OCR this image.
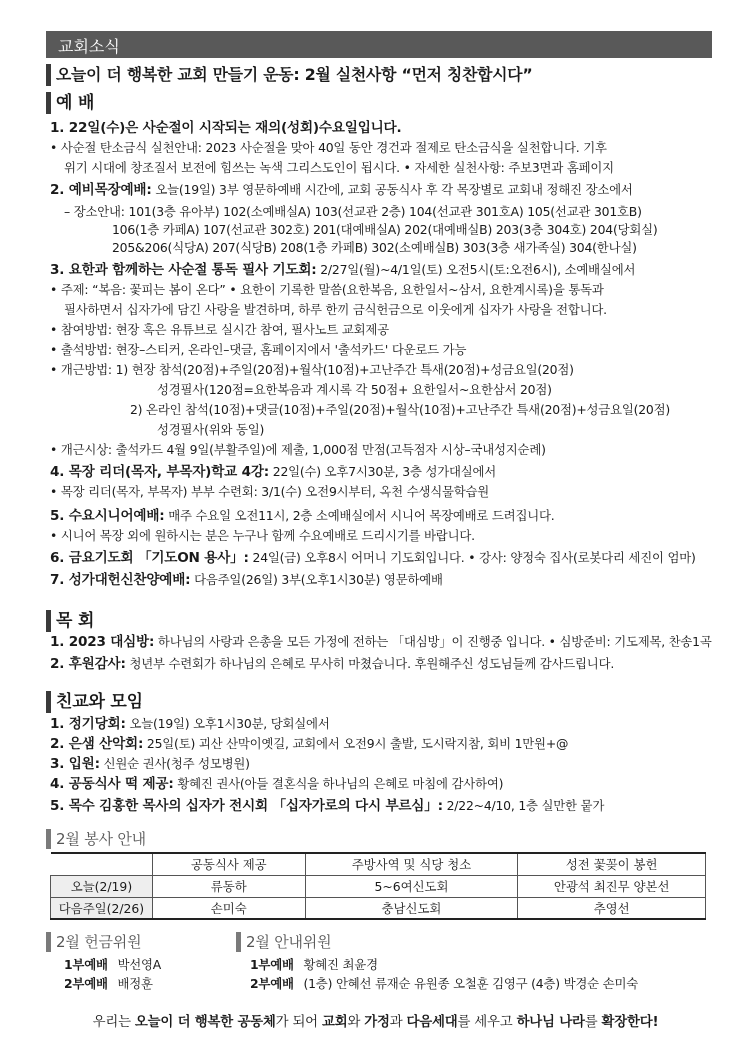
교회소식
오늘이 더 행복한 교회 만들기 운동: 2월 실천사항 “먼저 칭찬합시다”
예 배
1. 22일(수)은 사순절이 시작되는 재의(성회)수요일입니다.
• 사순절 탄소금식 실천안내: 2023 사순절을 맞아 40일 동안 경건과 절제로 탄소금식을 실천합니다. 기후
위기 시대에 창조질서 보전에 힘쓰는 녹색 그리스도인이 됩시다. • 자세한 실천사항: 주보3면과 홈페이지
2. 예비목장예배: 오늘(19일) 3부 영문하예배 시간에, 교회 공동식사 후 각 목장별로 교회내 정해진 장소에서
– 장소안내: 101(3층 유아부) 102(소예배실A) 103(선교관 2층) 104(선교관 301호A) 105(선교관 301호B)
106(1층 카페A) 107(선교관 302호) 201(대예배실A) 202(대예배실B) 203(3층 304호) 204(당회실)
205&206(식당A) 207(식당B) 208(1층 카페B) 302(소예배실B) 303(3층 새가족실) 304(한나실)
3. 요한과 함께하는 사순절 통독 필사 기도회: 2/27일(월)~4/1일(토) 오전5시(토:오전6시), 소예배실에서
• 주제: “복음: 꽃피는 봄이 온다” • 요한이 기록한 말씀(요한복음, 요한일서~삼서, 요한계시록)을 통독과
필사하면서 십자가에 담긴 사랑을 발견하며, 하루 한끼 금식헌금으로 이웃에게 십자가 사랑을 전합니다.
• 참여방법: 현장 혹은 유튜브로 실시간 참여, 필사노트 교회제공
• 출석방법: 현장–스티커, 온라인–댓글, 홈페이지에서 '출석카드' 다운로드 가능
• 개근방법: 1) 현장 참석(20점)+주일(20점)+월삭(10점)+고난주간 특새(20점)+성금요일(20점)
성경필사(120점=요한복음과 계시록 각 50점+ 요한일서~요한삼서 20점)
2) 온라인 참석(10점)+댓글(10점)+주일(20점)+월삭(10점)+고난주간 특새(20점)+성금요일(20점)
성경필사(위와 동일)
• 개근시상: 출석카드 4월 9일(부활주일)에 제출, 1,000점 만점(고득점자 시상–국내성지순례)
4. 목장 리더(목자, 부목자)학교 4강: 22일(수) 오후7시30분, 3층 성가대실에서
• 목장 리더(목자, 부목자) 부부 수련회: 3/1(수) 오전9시부터, 옥천 수생식물학습원
5. 수요시니어예배: 매주 수요일 오전11시, 2층 소예배실에서 시니어 목장예배로 드려집니다.
• 시니어 목장 외에 원하시는 분은 누구나 함께 수요예배로 드리시기를 바랍니다.
6. 금요기도회 「기도ON 용사」: 24일(금) 오후8시 어머니 기도회입니다. • 강사: 양정숙 집사(로봇다리 세진이 엄마)
7. 성가대헌신찬양예배: 다음주일(26일) 3부(오후1시30분) 영문하예배
목 회
1. 2023 대심방: 하나님의 사랑과 은총을 모든 가정에 전하는 「대심방」이 진행중 입니다. • 심방준비: 기도제목, 찬송1곡
2. 후원감사: 청년부 수련회가 하나님의 은혜로 무사히 마쳤습니다. 후원해주신 성도님들께 감사드립니다.
친교와 모임
1. 정기당회: 오늘(19일) 오후1시30분, 당회실에서
2. 은샘 산악회: 25일(토) 괴산 산막이옛길, 교회에서 오전9시 출발, 도시락지참, 회비 1만원+@
3. 입원: 신원순 권사(청주 성모병원)
4. 공동식사 떡 제공: 황혜진 권사(아들 결혼식을 하나님의 은혜로 마침에 감사하여)
5. 목수 김홍한 목사의 십자가 전시회 「십자가로의 다시 부르심」: 2/22~4/10, 1층 실만한 뭍가
2월 봉사 안내
	공동식사 제공	주방사역 및 식당 청소	성전 꽃꽂이 봉헌
오늘(2/19)	류동하	5~6여신도회	안광석 최진무 양본선
다음주일(2/26)	손미숙	충남신도회	추영선
2월 헌금위원
1부예배 박선영A
2부예배 배정훈
2월 안내위원
1부예배 황혜진 최윤경
2부예배 (1층) 안혜선 류재순 유원종 오철훈 김영구 (4층) 박경순 손미숙
우리는 오늘이 더 행복한 공동체가 되어 교회와 가정과 다음세대를 세우고 하나님 나라를 확장한다!
